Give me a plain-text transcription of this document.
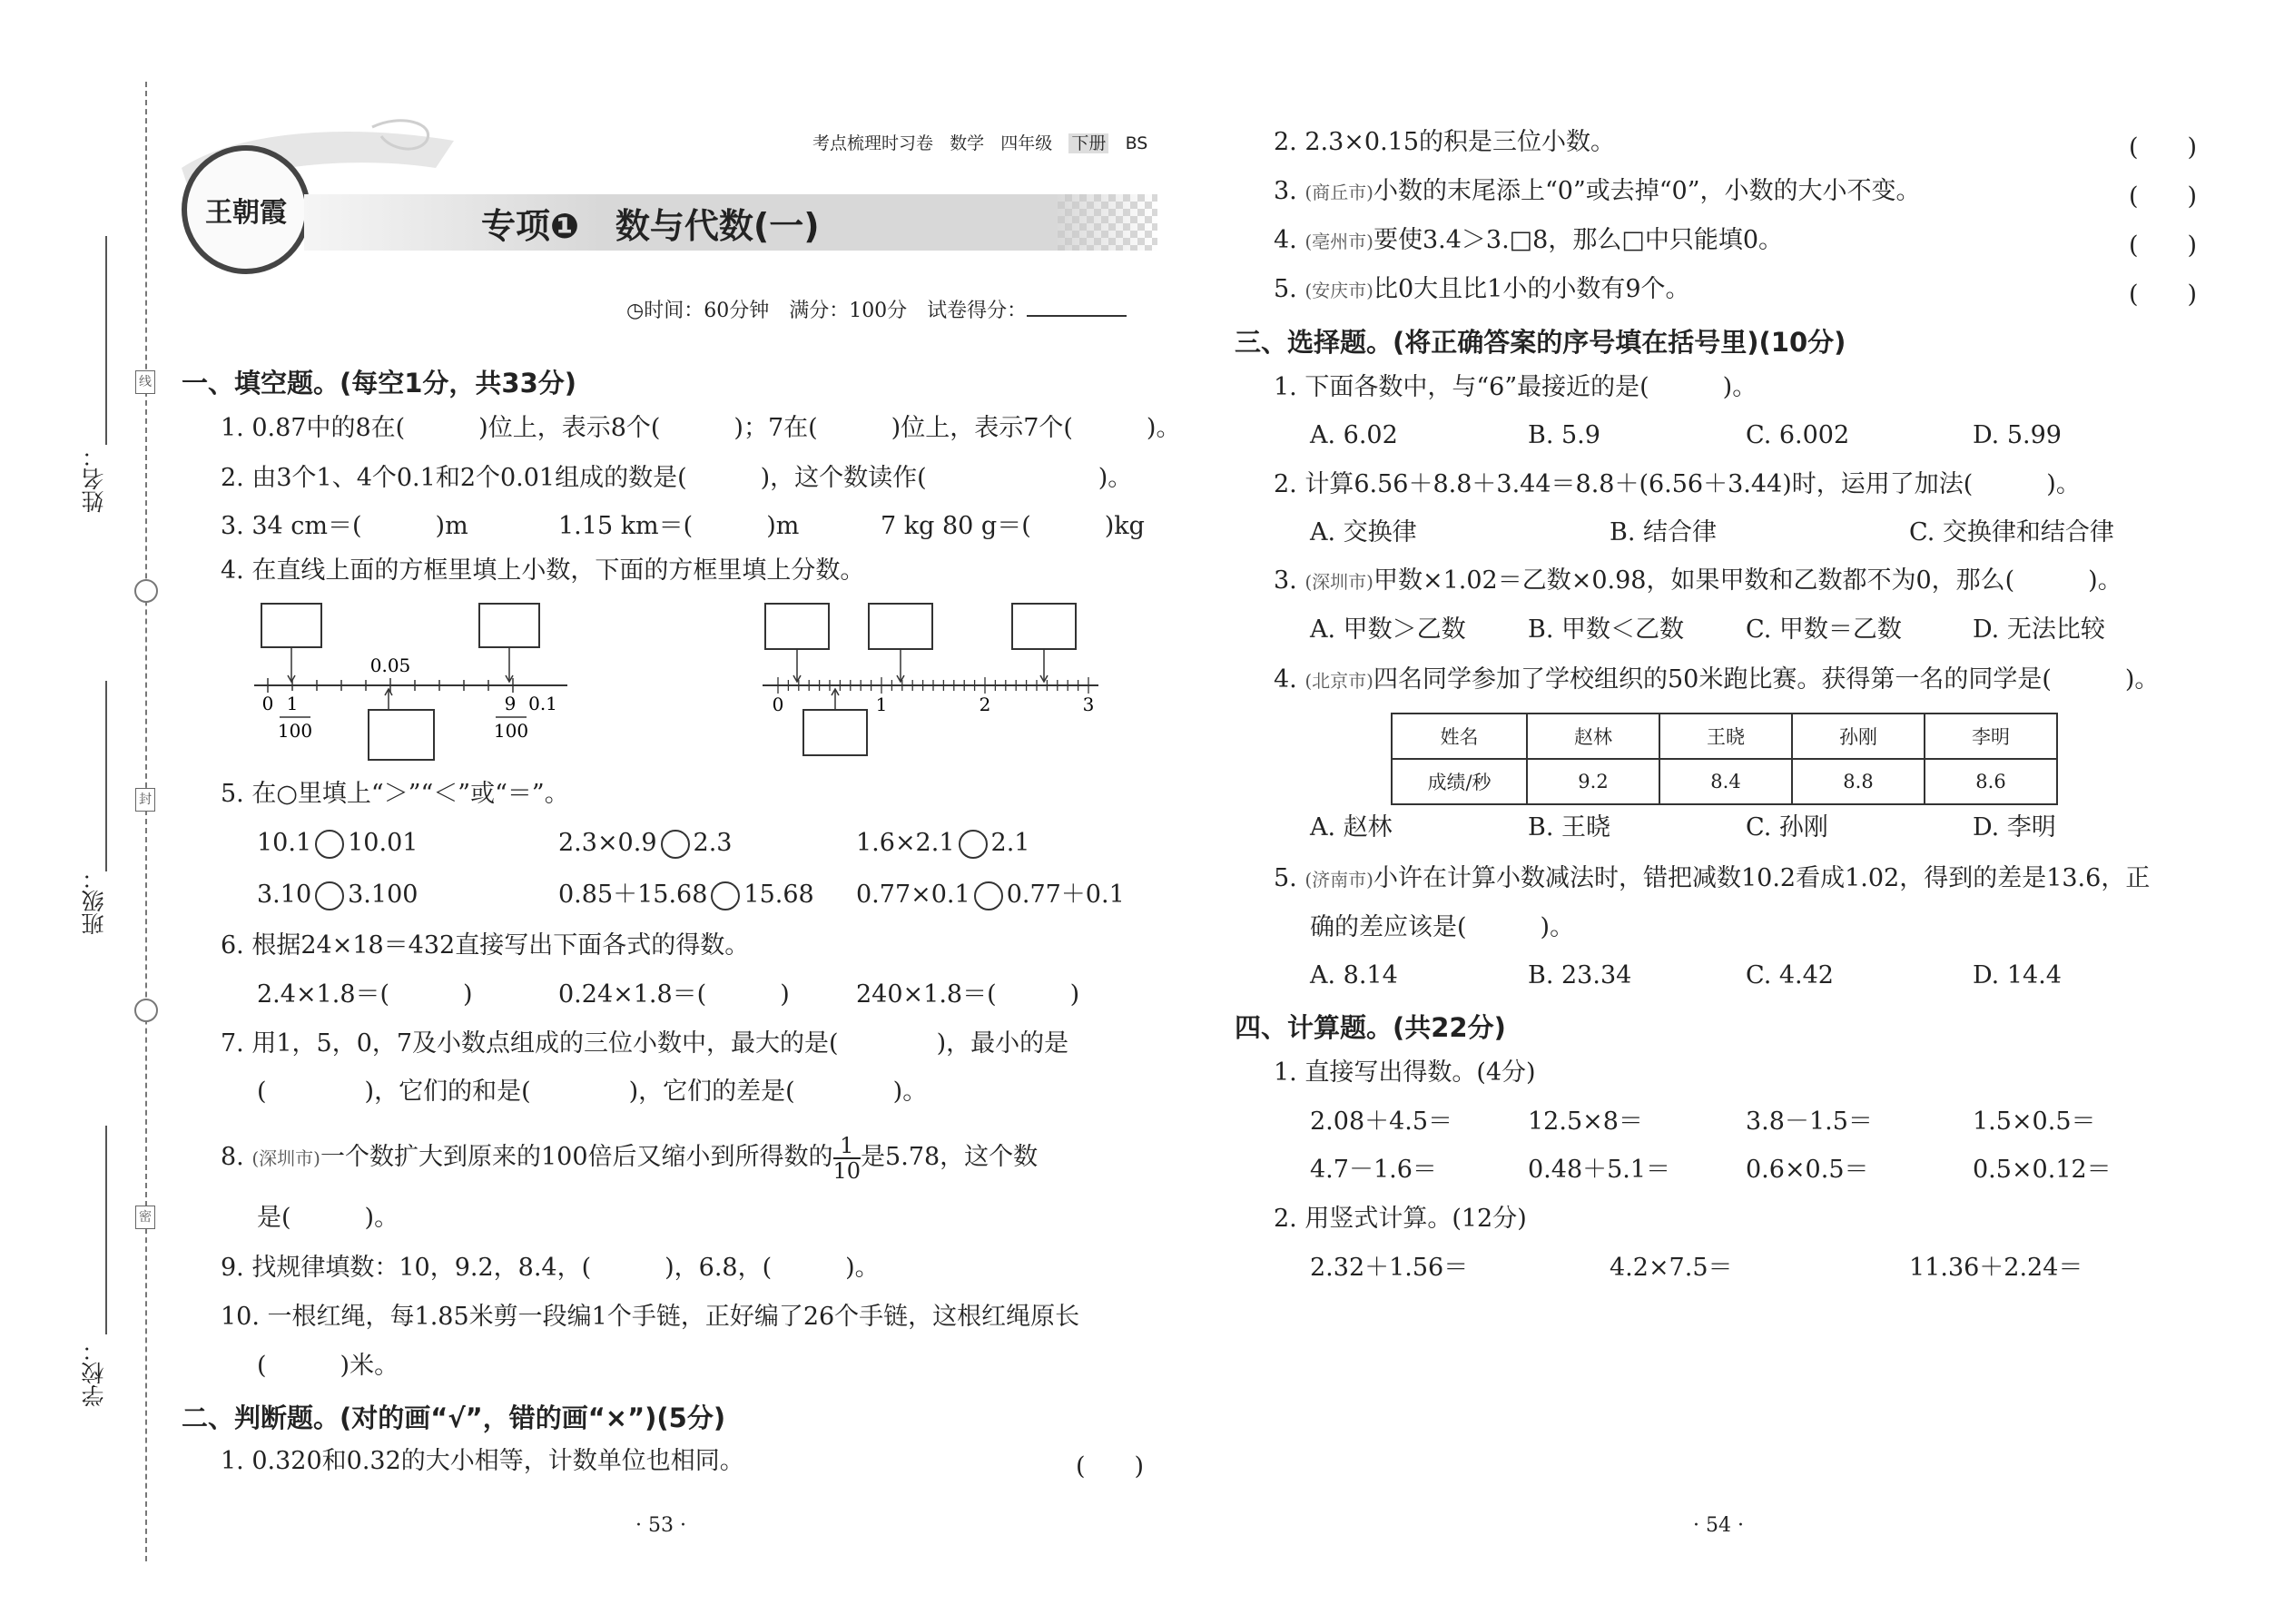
线
封
密
姓名：
班级：
学校：
王朝霞
考点梳理时习卷 数学 四年级 下册 BS
专项❶ 数与代数(一)
◷时间：60分钟　满分：100分　试卷得分：
一、填空题。(每空1分，共33分)
1. 0.87中的8在(　　　)位上，表示8个(　　　)；7在(　　　)位上，表示7个(　　　)。
2. 由3个1、4个0.1和2个0.01组成的数是(　　　)，这个数读作(　　　　　　　)。
3. 34 cm＝(　　　)m	1.15 km＝(　　　)m	7 kg 80 g＝(　　　)kg
4. 在直线上面的方框里填上小数，下面的方框里填上分数。
0.05
0 1
100
9
100
0.1	0	1	2	3
5. 在○里填上“＞”“＜”或“＝”。
10.1 10.01	2.3×0.9 2.3	1.6×2.1 2.1
3.10 3.100	0.85＋15.68 15.68 0.77×0.1 0.77＋0.1
6. 根据24×18＝432直接写出下面各式的得数。
2.4×1.8＝(　　　)	0.24×1.8＝(　　　)	240×1.8＝(　　　)
7. 用1，5，0，7及小数点组成的三位小数中，最大的是(　　　　)，最小的是
(　　　　)，它们的和是(　　　　)，它们的差是(　　　　)。
8. (深圳市)一个数扩大到原来的100倍后又缩小到所得数的 $\frac{1}{10}$ 是5.78，这个数
是(　　　)。
9. 找规律填数：10，9.2，8.4，(　　　)，6.8，(　　　)。
10. 一根红绳，每1.85米剪一段编1个手链，正好编了26个手链，这根红绳原长
(　　　)米。
二、判断题。(对的画“√”，错的画“×”)(5分)
1. 0.320和0.32的大小相等，计数单位也相同。	(　　)
· 53 ·
2. 2.3×0.15的积是三位小数。	(　　)
3. (商丘市)小数的末尾添上“0”或去掉“0”，小数的大小不变。	(　　)
4. (亳州市)要使3.4＞3.□8，那么□中只能填0。	(　　)
5. (安庆市)比0大且比1小的小数有9个。	(　　)
三、选择题。(将正确答案的序号填在括号里)(10分)
1. 下面各数中，与“6”最接近的是(　　　)。
A. 6.02	B. 5.9	C. 6.002	D. 5.99
2. 计算6.56＋8.8＋3.44＝8.8＋(6.56＋3.44)时，运用了加法(　　　)。
A. 交换律	B. 结合律	C. 交换律和结合律
3. (深圳市)甲数×1.02＝乙数×0.98，如果甲数和乙数都不为0，那么(　　　)。
A. 甲数＞乙数	B. 甲数＜乙数	C. 甲数＝乙数	D. 无法比较
4. (北京市)四名同学参加了学校组织的50米跑比赛。获得第一名的同学是(　　　)。
姓名	赵林	王晓	孙刚	李明
成绩/秒	9.2	8.4	8.8	8.6
A. 赵林	B. 王晓	C. 孙刚	D. 李明
5. (济南市)小许在计算小数减法时，错把减数10.2看成1.02，得到的差是13.6，正
确的差应该是(　　　)。
A. 8.14	B. 23.34	C. 4.42	D. 14.4
四、计算题。(共22分)
1. 直接写出得数。(4分)
2.08＋4.5＝	12.5×8＝	3.8－1.5＝	1.5×0.5＝
4.7－1.6＝	0.48＋5.1＝	0.6×0.5＝	0.5×0.12＝
2. 用竖式计算。(12分)
2.32＋1.56＝	4.2×7.5＝	11.36＋2.24＝
· 54 ·
